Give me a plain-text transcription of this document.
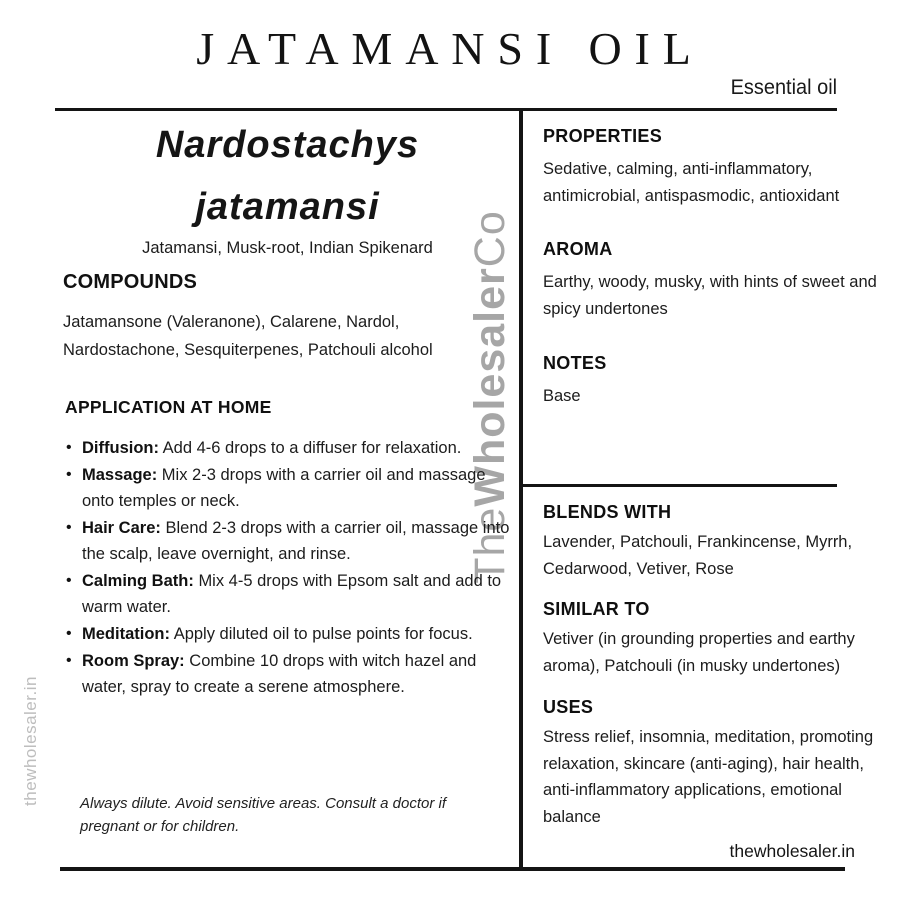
JATAMANSI OIL
Essential oil
The
Wholesaler
Co
thewholesaler.in
Nardostachys
jatamansi
Jatamansi, Musk-root, Indian Spikenard
COMPOUNDS
Jatamansone (Valeranone), Calarene, Nardol, Nardostachone, Sesquiterpenes, Patchouli alcohol
APPLICATION AT HOME
• Diffusion: Add 4-6 drops to a diffuser for relaxation.
• Massage: Mix 2-3 drops with a carrier oil and massage onto temples or neck.
• Hair Care: Blend 2-3 drops with a carrier oil, massage into the scalp, leave overnight, and rinse.
• Calming Bath: Mix 4-5 drops with Epsom salt and add to warm water.
• Meditation: Apply diluted oil to pulse points for focus.
• Room Spray: Combine 10 drops with witch hazel and water, spray to create a serene atmosphere.
Always dilute. Avoid sensitive areas. Consult a doctor if pregnant or for children.
PROPERTIES
Sedative, calming, anti-inflammatory, antimicrobial, antispasmodic, antioxidant
AROMA
Earthy, woody, musky, with hints of sweet and spicy undertones
NOTES
Base
BLENDS WITH
Lavender, Patchouli, Frankincense, Myrrh, Cedarwood, Vetiver, Rose
SIMILAR TO
Vetiver (in grounding properties and earthy aroma), Patchouli (in musky undertones)
USES
Stress relief, insomnia, meditation, promoting relaxation, skincare (anti-aging), hair health, anti-inflammatory applications, emotional balance
thewholesaler.in
